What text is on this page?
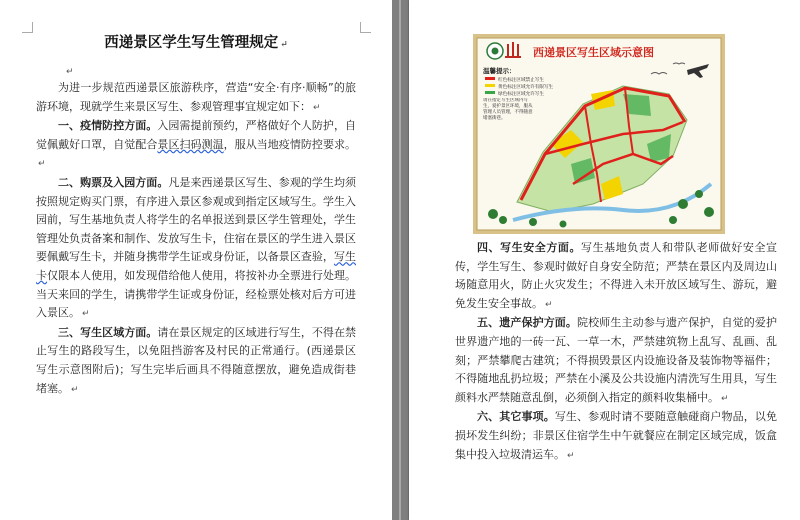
西递景区学生写生管理规定 ↵
↵

为进一步规范西递景区旅游秩序，营造“安全·有序·顺畅”的旅游环境，现就学生来景区写生、参观管理事宜规定如下： ↵

一、疫情防控方面。入园需提前预约，严格做好个人防护，自觉佩戴好口罩，自觉配合景区扫码测温，服从当地疫情防控要求。↵

二、购票及入园方面。凡是来西递景区写生、参观的学生均须按照规定购买门票，有序进入景区参观或到指定区域写生。学生入园前，写生基地负责人将学生的名单报送到景区学生管理处，学生管理处负责备案和制作、发放写生卡，住宿在景区的学生进入景区要佩戴写生卡，并随身携带学生证或身份证，以备景区查验，写生卡仅限本人使用，如发现借给他人使用，将按补办全票进行处理。当天来回的学生，请携带学生证或身份证，经检票处核对后方可进入景区。 ↵

三、写生区域方面。请在景区规定的区域进行写生，不得在禁止写生的路段写生，以免阻挡游客及村民的正常通行。(西递景区写生示意图附后)；写生完毕后画具不得随意摆放，避免造成街巷堵塞。 ↵

西递景区写生区域示意图
温馨提示：
红色标注区域禁止写生
黄色标注区域允许有限写生
绿色标注区域允许写生
请在指定写生区域内写生，爱护景区环境，服从管理人员管理，不得随意堵塞街巷。

四、写生安全方面。写生基地负责人和带队老师做好安全宣传，学生写生、参观时做好自身安全防范；严禁在景区内及周边山场随意用火，防止火灾发生；不得进入未开放区域写生、游玩，避免发生安全事故。 ↵

五、遗产保护方面。院校师生主动参与遗产保护，自觉的爱护世界遗产地的一砖一瓦、一草一木，严禁建筑物上乱写、乱画、乱刻；严禁攀爬古建筑；不得损毁景区内设施设备及装饰物等福件；不得随地乱扔垃圾；严禁在小溪及公共设施内清洗写生用具，写生颜料水严禁随意乱倒，必须倒入指定的颜料收集桶中。 ↵

六、其它事项。写生、参观时请不要随意触碰商户物品，以免损坏发生纠纷；非景区住宿学生中午就餐应在制定区域完成，饭盒集中投入垃圾清运车。 ↵
